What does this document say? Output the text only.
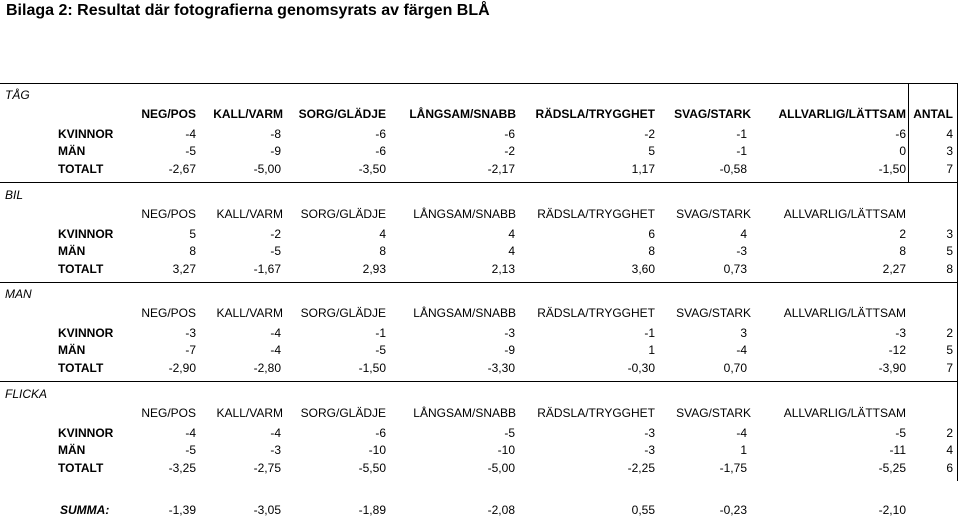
Bilaga 2: Resultat där fotografierna genomsyrats av färgen BLÅ
TÅG
NEG/POS KALL/VARM SORG/GLÄDJE LÅNGSAM/SNABB RÄDSLA/TRYGGHET SVAG/STARK ALLVARLIG/LÄTTSAM ANTAL
KVINNOR	-4	-8	-6	-6	-2	-1	-6	4
MÄN	-5	-9	-6	-2	5	-1	0	3
TOTALT	-2,67	-5,00	-3,50	-2,17	1,17	-0,58	-1,50	7
BIL
NEG/POS KALL/VARM SORG/GLÄDJE LÅNGSAM/SNABB RÄDSLA/TRYGGHET SVAG/STARK	ALLVARLIG/LÄTTSAM
KVINNOR	5	-2	4	4	6	4	2	3
MÄN	8	-5	8	4	8	-3	8	5
TOTALT	3,27	-1,67	2,93	2,13	3,60	0,73	2,27	8
MAN
NEG/POS KALL/VARM SORG/GLÄDJE LÅNGSAM/SNABB RÄDSLA/TRYGGHET SVAG/STARK	ALLVARLIG/LÄTTSAM
KVINNOR	-3	-4	-1	-3	-1	3	-3	2
MÄN	-7	-4	-5	-9	1	-4	-12	5
TOTALT	-2,90	-2,80	-1,50	-3,30	-0,30	0,70	-3,90	7
FLICKA
NEG/POS KALL/VARM SORG/GLÄDJE LÅNGSAM/SNABB RÄDSLA/TRYGGHET SVAG/STARK	ALLVARLIG/LÄTTSAM
KVINNOR	-4	-4	-6	-5	-3	-4	-5	2
MÄN	-5	-3	-10	-10	-3	1	-11	4
TOTALT	-3,25	-2,75	-5,50	-5,00	-2,25	-1,75	-5,25	6
SUMMA:	-1,39	-3,05	-1,89	-2,08	0,55	-0,23	-2,10
